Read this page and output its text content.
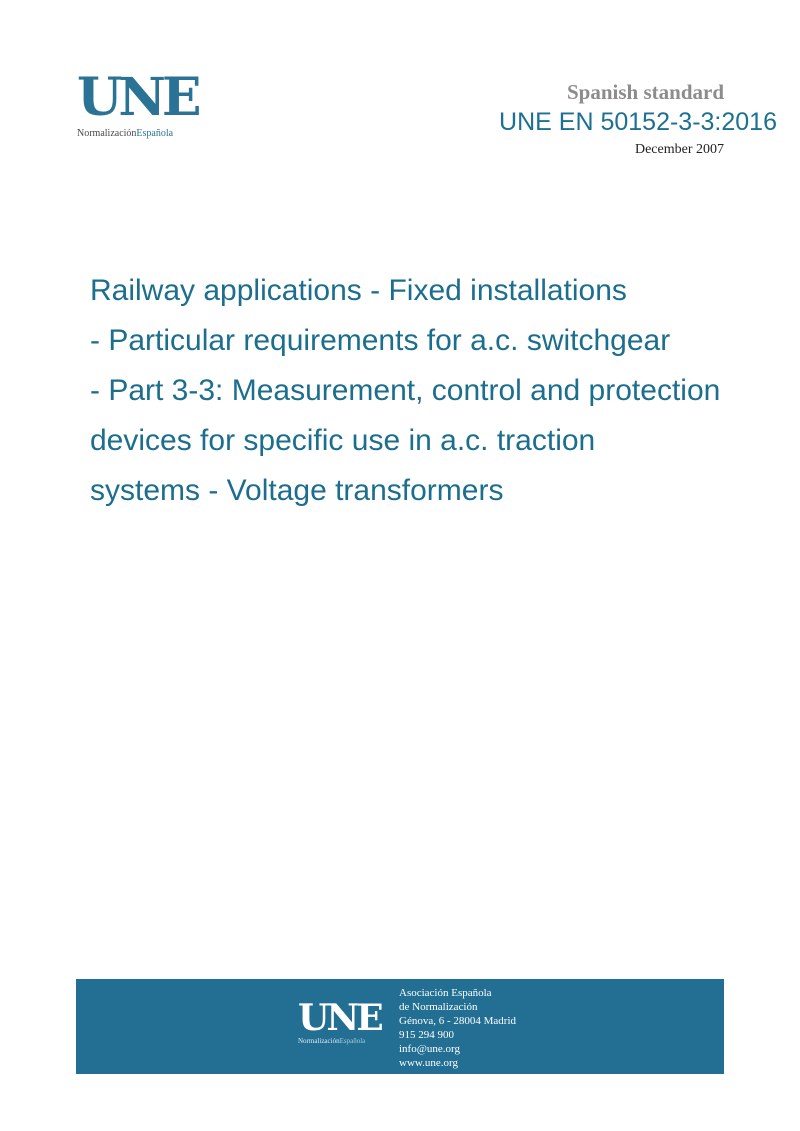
UNE
NormalizaciónEspañola
Spanish standard
UNE EN 50152-3-3:2016
December 2007
Railway applications - Fixed installations
- Particular requirements for a.c. switchgear
- Part 3-3: Measurement, control and protection
devices for specific use in a.c. traction
systems - Voltage transformers
UNE
NormalizaciónEspañola
Asociación Española
de Normalización
Génova, 6 - 28004 Madrid
915 294 900
info@une.org
www.une.org
